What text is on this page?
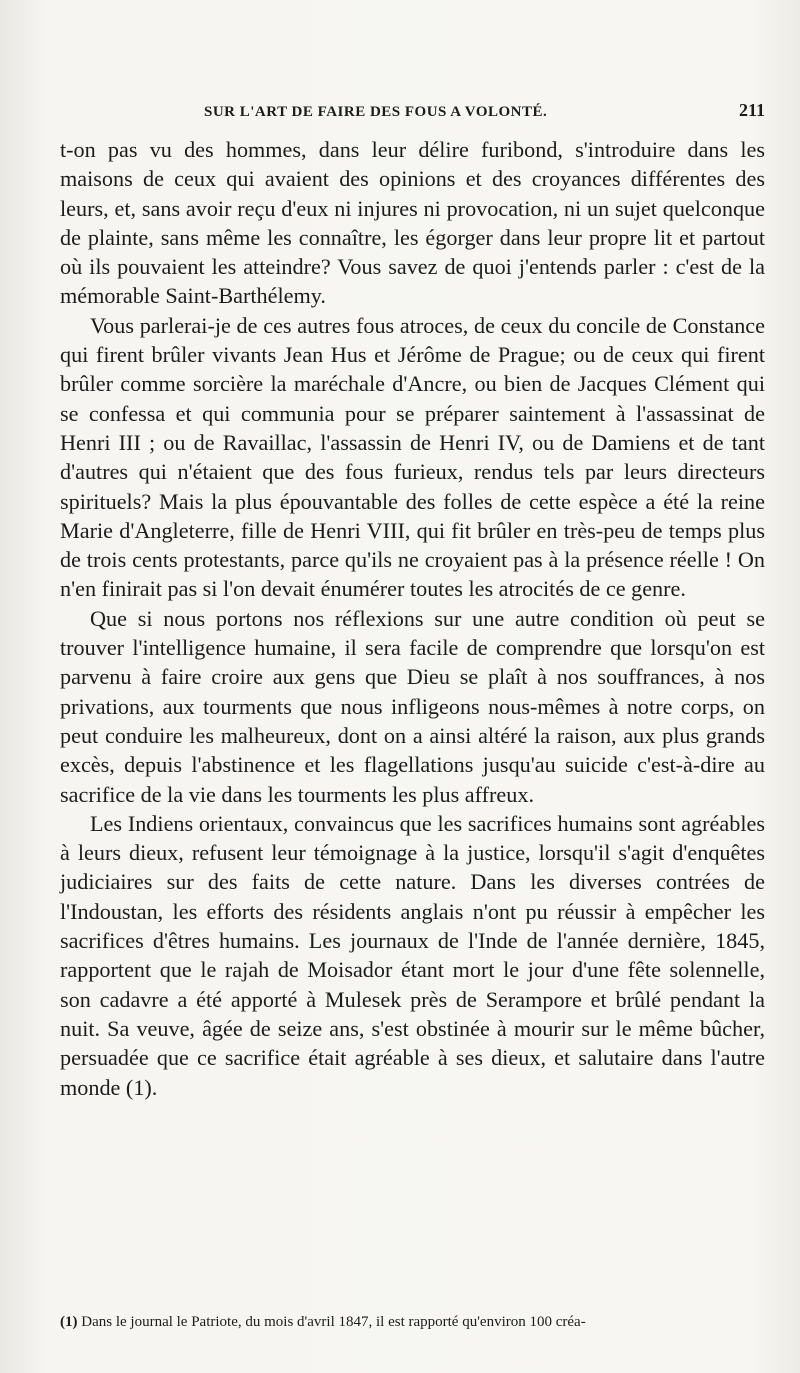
SUR L'ART DE FAIRE DES FOUS A VOLONTÉ.	211

t-on pas vu des hommes, dans leur délire furibond, s'introduire dans les maisons de ceux qui avaient des opinions et des croyances différentes des leurs, et, sans avoir reçu d'eux ni injures ni provocation, ni un sujet quelconque de plainte, sans même les connaître, les égorger dans leur propre lit et partout où ils pouvaient les atteindre? Vous savez de quoi j'entends parler : c'est de la mémorable Saint-Barthélemy.

Vous parlerai-je de ces autres fous atroces, de ceux du concile de Constance qui firent brûler vivants Jean Hus et Jérôme de Prague; ou de ceux qui firent brûler comme sorcière la maréchale d'Ancre, ou bien de Jacques Clément qui se confessa et qui communia pour se préparer saintement à l'assassinat de Henri III ; ou de Ravaillac, l'assassin de Henri IV, ou de Damiens et de tant d'autres qui n'étaient que des fous furieux, rendus tels par leurs directeurs spirituels? Mais la plus épouvantable des folles de cette espèce a été la reine Marie d'Angleterre, fille de Henri VIII, qui fit brûler en très-peu de temps plus de trois cents protestants, parce qu'ils ne croyaient pas à la présence réelle ! On n'en finirait pas si l'on devait énumérer toutes les atrocités de ce genre.

Que si nous portons nos réflexions sur une autre condition où peut se trouver l'intelligence humaine, il sera facile de comprendre que lorsqu'on est parvenu à faire croire aux gens que Dieu se plaît à nos souffrances, à nos privations, aux tourments que nous infligeons nous-mêmes à notre corps, on peut conduire les malheureux, dont on a ainsi altéré la raison, aux plus grands excès, depuis l'abstinence et les flagellations jusqu'au suicide c'est-à-dire au sacrifice de la vie dans les tourments les plus affreux.

Les Indiens orientaux, convaincus que les sacrifices humains sont agréables à leurs dieux, refusent leur témoignage à la justice, lorsqu'il s'agit d'enquêtes judiciaires sur des faits de cette nature. Dans les diverses contrées de l'Indoustan, les efforts des résidents anglais n'ont pu réussir à empêcher les sacrifices d'êtres humains. Les journaux de l'Inde de l'année dernière, 1845, rapportent que le rajah de Moisador étant mort le jour d'une fête solennelle, son cadavre a été apporté à Mulesek près de Serampore et brûlé pendant la nuit. Sa veuve, âgée de seize ans, s'est obstinée à mourir sur le même bûcher, persuadée que ce sacrifice était agréable à ses dieux, et salutaire dans l'autre monde (1).

(1) Dans le journal le Patriote, du mois d'avril 1847, il est rapporté qu'environ 100 créa-
